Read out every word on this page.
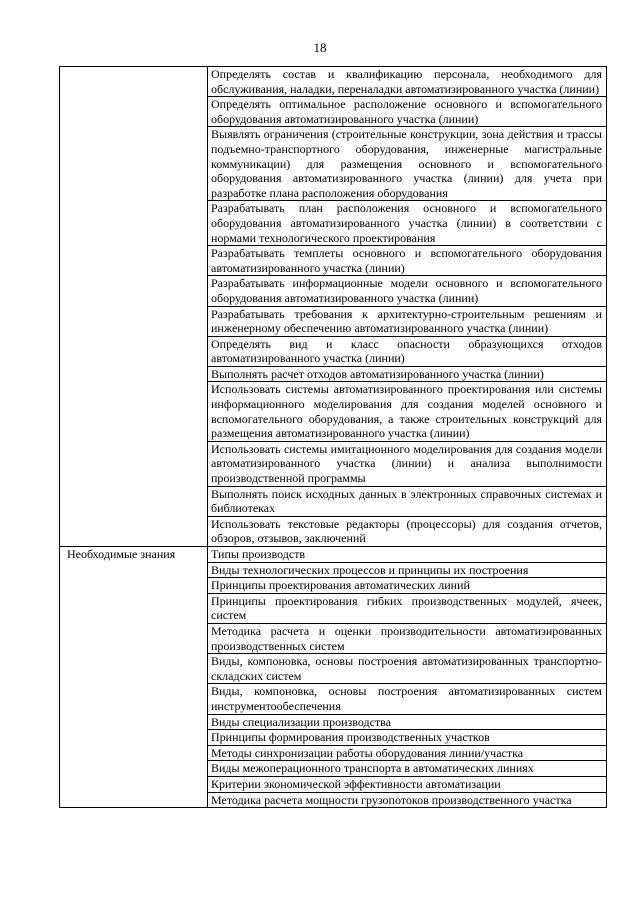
18
	Определять состав и квалификацию персонала, необходимого для обслуживания, наладки, переналадки автоматизированного участка (линии)
	Определять оптимальное расположение основного и вспомогательного оборудования автоматизированного участка (линии)
	Выявлять ограничения (строительные конструкции, зона действия и трассы подъемно-транспортного оборудования, инженерные магистральные коммуникации) для размещения основного и вспомогательного оборудования автоматизированного участка (линии) для учета при разработке плана расположения оборудования
	Разрабатывать план расположения основного и вспомогательного оборудования автоматизированного участка (линии) в соответствии с нормами технологического проектирования
	Разрабатывать темплеты основного и вспомогательного оборудования автоматизированного участка (линии)
	Разрабатывать информационные модели основного и вспомогательного оборудования автоматизированного участка (линии)
	Разрабатывать требования к архитектурно-строительным решениям и инженерному обеспечению автоматизированного участка (линии)
	Определять вид и класс опасности образующихся отходов автоматизированного участка (линии)
	Выполнять расчет отходов автоматизированного участка (линии)
	Использовать системы автоматизированного проектирования или системы информационного моделирования для создания моделей основного и вспомогательного оборудования, а также строительных конструкций для размещения автоматизированного участка (линии)
	Использовать системы имитационного моделирования для создания модели автоматизированного участка (линии) и анализа выполнимости производственной программы
	Выполнять поиск исходных данных в электронных справочных системах и библиотеках
	Использовать текстовые редакторы (процессоры) для создания отчетов, обзоров, отзывов, заключений

Необходимые знания	Типы производств
	Виды технологических процессов и принципы их построения
	Принципы проектирования автоматических линий
	Принципы проектирования гибких производственных модулей, ячеек, систем
	Методика расчета и оценки производительности автоматизированных производственных систем
	Виды, компоновка, основы построения автоматизированных транспортно-складских систем
	Виды, компоновка, основы построения автоматизированных систем инструментообеспечения
	Виды специализации производства
	Принципы формирования производственных участков
	Методы синхронизации работы оборудования линии/участка
	Виды межоперационного транспорта в автоматических линиях
	Критерии экономической эффективности автоматизации
	Методика расчета мощности грузопотоков производственного участка
